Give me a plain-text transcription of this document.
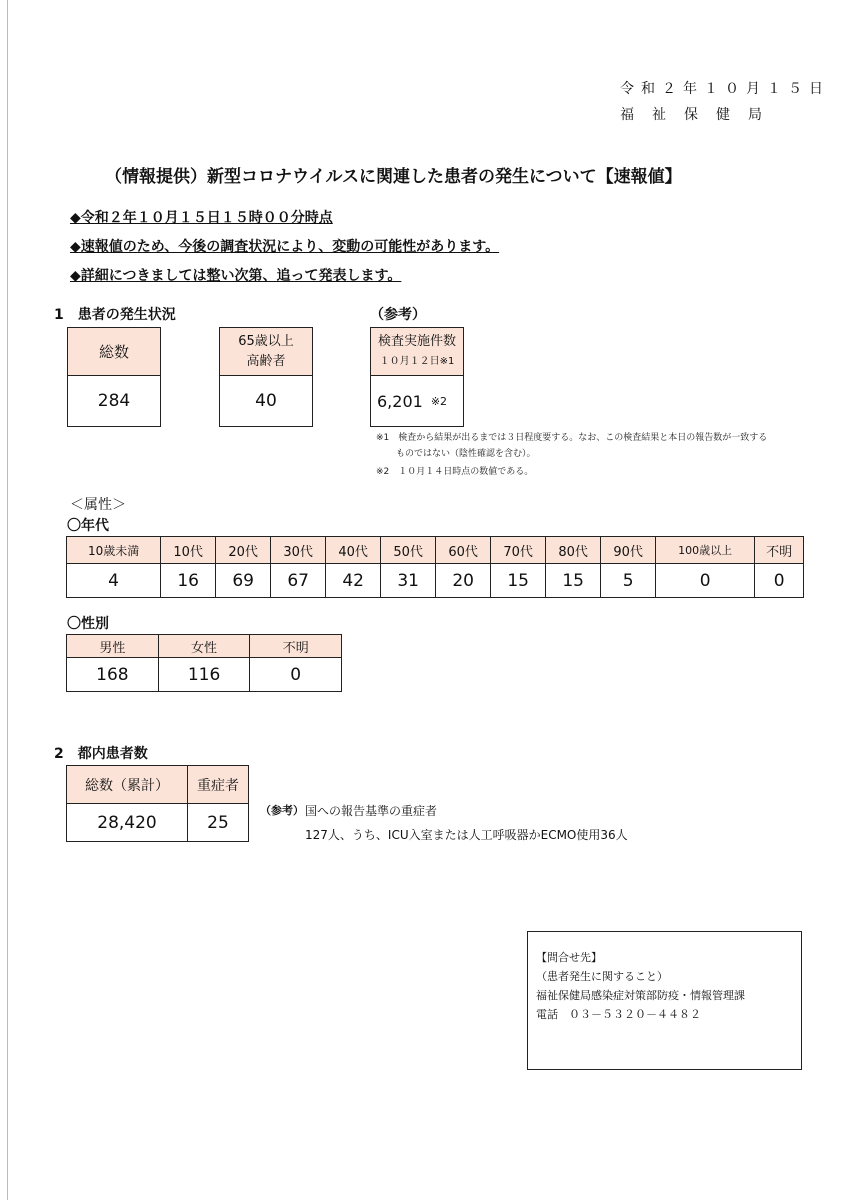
令和２年１０月１５日
福祉保健局
（情報提供）新型コロナウイルスに関連した患者の発生について【速報値】
◆令和２年１０月１５日１５時００分時点
◆速報値のため、今後の調査状況により、変動の可能性があります。
◆詳細につきましては整い次第、追って発表します。
1　患者の発生状況	（参考）
総数
284
65歳以上
高齢者
40
検査実施件数
１０月１２日※1
6,201 ※2
※1　検査から結果が出るまでは３日程度要する。なお、この検査結果と本日の報告数が一致する
ものではない（陰性確認を含む）。
※2　１０月１４日時点の数値である。
＜属性＞
〇年代
10歳未満	10代	20代	30代	40代	50代	60代	70代	80代	90代	100歳以上	不明
4	16	69	67	42	31	20	15	15	5	0	0
〇性別
男性	女性	不明
168	116	0
2　都内患者数
総数（累計）	重症者
28,420	25
（参考） 国への報告基準の重症者
127人、うち、ICU入室または人工呼吸器かECMO使用36人
【問合せ先】
（患者発生に関すること）
福祉保健局感染症対策部防疫・情報管理課
電話　０３－５３２０－４４８２
